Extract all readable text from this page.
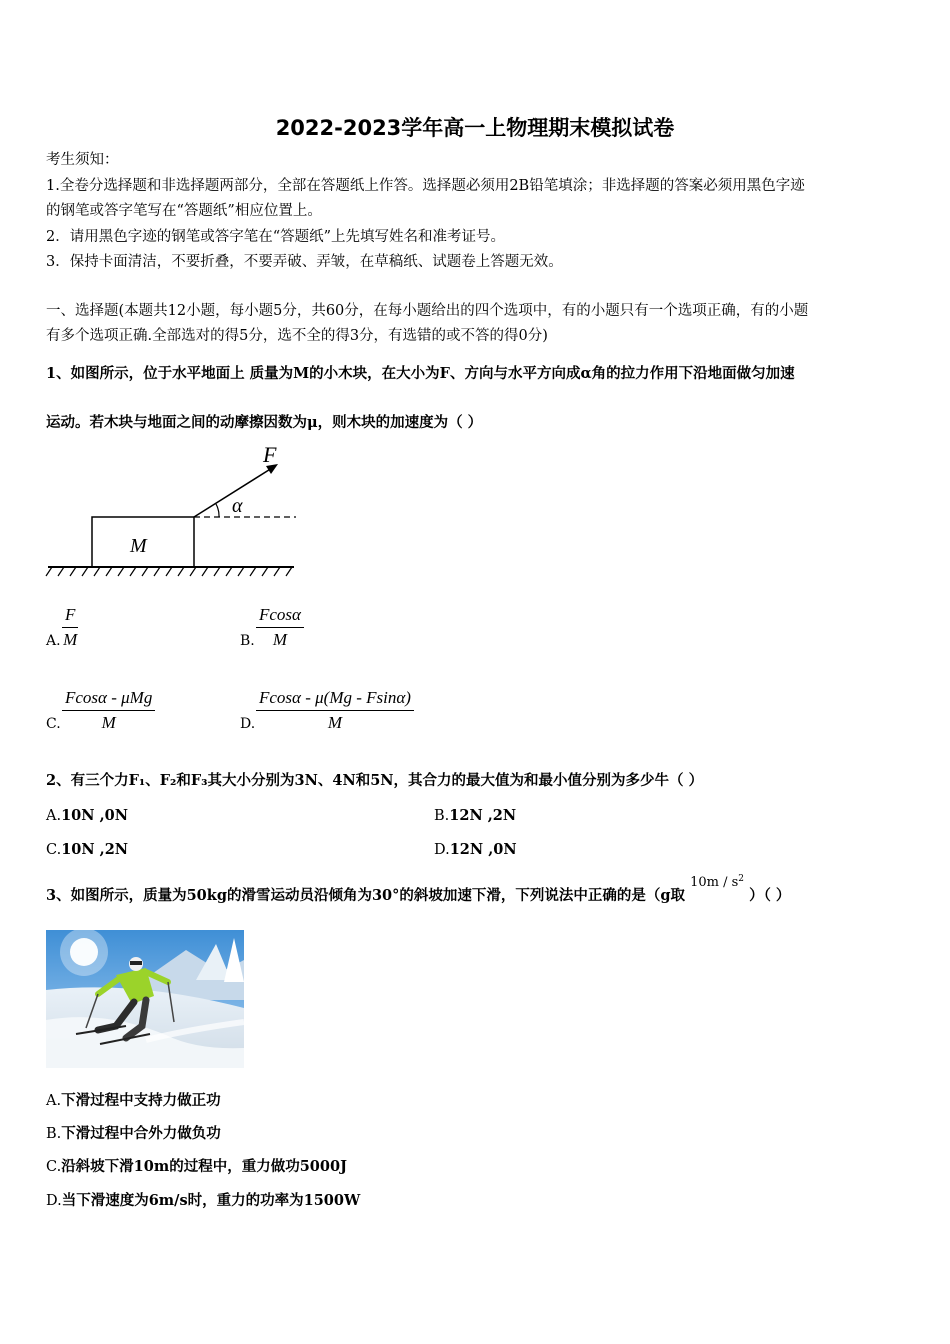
2022-2023学年高一上物理期末模拟试卷
考生须知：
1.全卷分选择题和非选择题两部分，全部在答题纸上作答。选择题必须用2B铅笔填涂；非选择题的答案必须用黑色字迹
的钢笔或答字笔写在“答题纸”相应位置上。
2．请用黑色字迹的钢笔或答字笔在“答题纸”上先填写姓名和准考证号。
3．保持卡面清洁，不要折叠，不要弄破、弄皱，在草稿纸、试题卷上答题无效。
一、选择题(本题共12小题，每小题5分，共60分，在每小题给出的四个选项中，有的小题只有一个选项正确，有的小题
有多个选项正确.全部选对的得5分，选不全的得3分，有选错的或不答的得0分)
1、如图所示，位于水平地面上 质量为M的小木块，在大小为F、方向与水平方向成α角的拉力作用下沿地面做匀加速
运动。若木块与地面之间的动摩擦因数为μ，则木块的加速度为（ ）
M
α
F
A. $\frac{F}{M}$	B. $\frac{Fcos\alpha}{M}$
C.
Fcosα - μMg
M	D. $\frac{Fcos\alpha - \mu(Mg - Fsin\alpha)}{M}$
2、有三个力F₁、F₂和F₃其大小分别为3N、4N和5N，其合力的最大值为和最小值分别为多少牛（ ）
A.10N ,0N	B.12N ,2N
C.10N ,2N	D.12N ,0N
3、如图所示，质量为50kg的滑雪运动员沿倾角为30°的斜坡加速下滑，下列说法中正确的是（g取 $10m / s^2$ ）（ ）
A.下滑过程中支持力做正功
B.下滑过程中合外力做负功
C.沿斜坡下滑10m的过程中，重力做功5000J
D.当下滑速度为6m/s时，重力的功率为1500W
